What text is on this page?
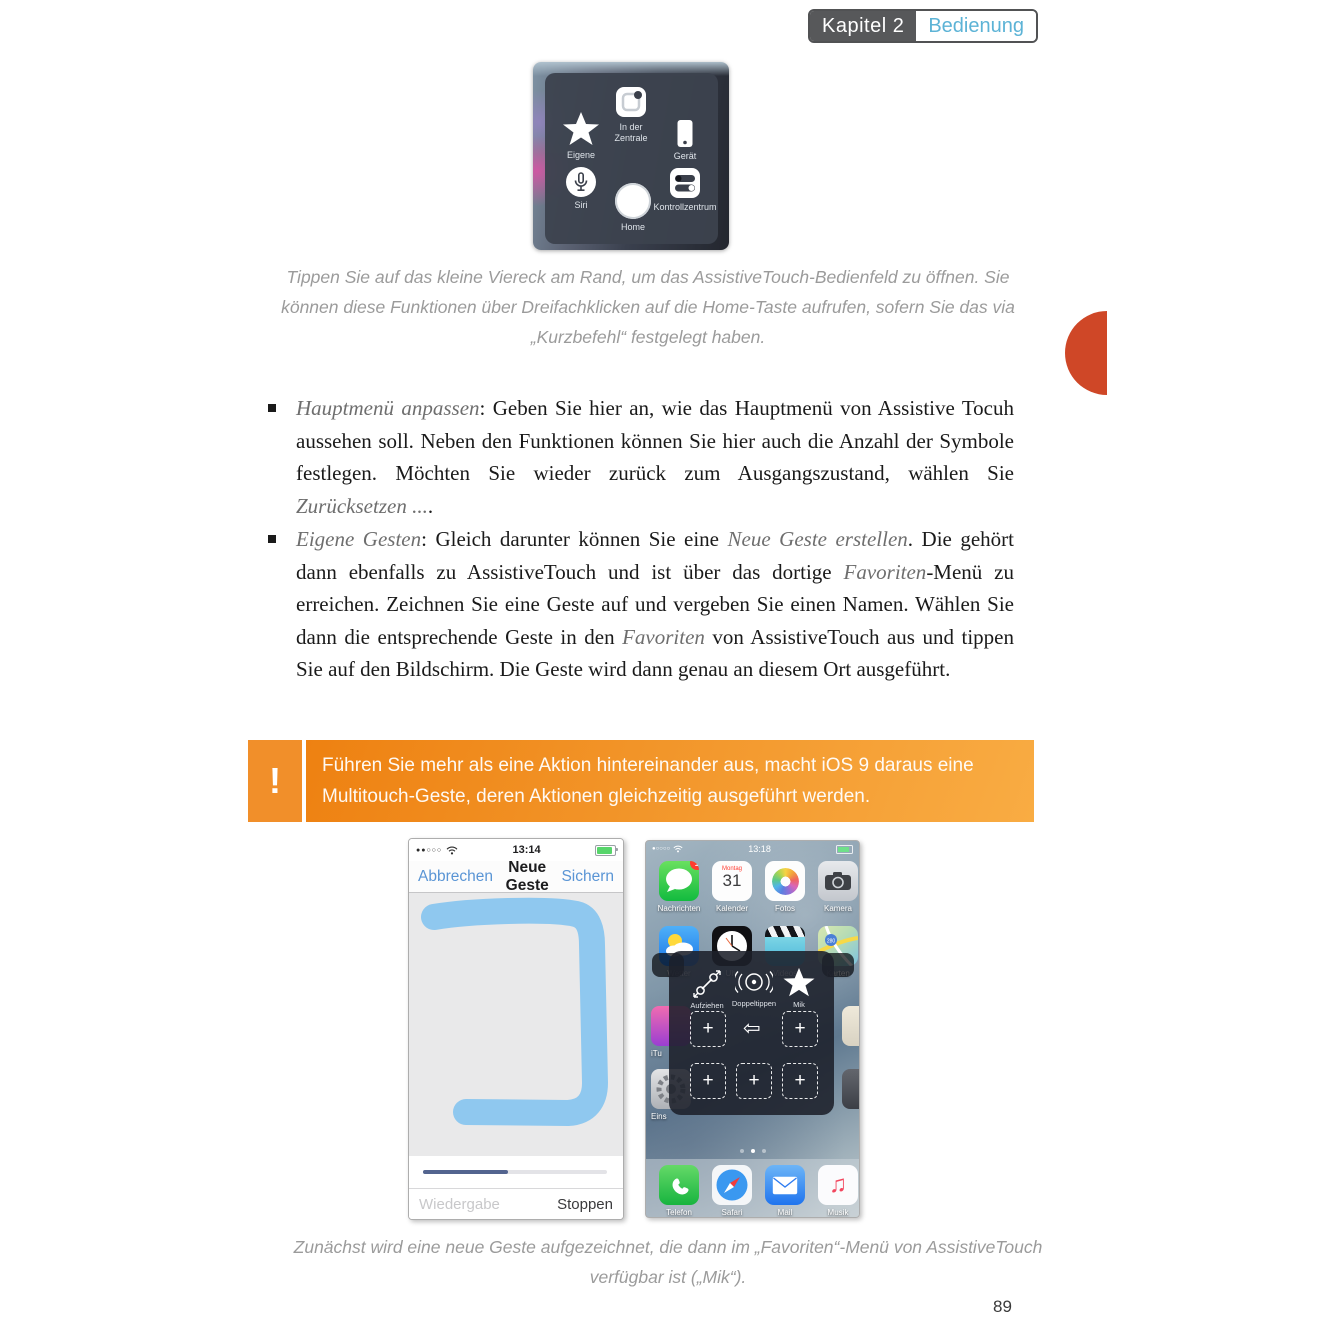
Kapitel 2	Bedienung
In der
Zentrale
Eigene	Gerät
Siri
Home
Kontrollzentrum
Tippen Sie auf das kleine Viereck am Rand, um das AssistiveTouch-Bedienfeld zu öffnen. Sie können diese Funktionen über Dreifachklicken auf die Home-Taste aufrufen, sofern Sie das via „Kurzbefehl“ festgelegt haben.
Hauptmenü anpassen: Geben Sie hier an, wie das Hauptmenü von Assistive Tocuh aussehen soll. Neben den Funktionen können Sie hier auch die Anzahl der Symbole festlegen. Möchten Sie wieder zurück zum Ausgangszustand, wählen Sie Zurücksetzen ....
Eigene Gesten: Gleich darunter können Sie eine Neue Geste erstellen. Die gehört dann ebenfalls zu AssistiveTouch und ist über das dortige Favoriten-Menü zu erreichen. Zeichnen Sie eine Geste auf und vergeben Sie einen Namen. Wählen Sie dann die entsprechende Geste in den Favoriten von AssistiveTouch aus und tippen Sie auf den Bildschirm. Die Geste wird dann genau an diesem Ort ausgeführt.
!	Führen Sie mehr als eine Aktion hintereinander aus, macht iOS 9 daraus eine Multitouch-Geste, deren Aktionen gleichzeitig ausgeführt werden.

●●○○○	13:14
Abbrechen
Neue Geste
Sichern
Wiedergabe	Stoppen
●○○○○	13:18
1
Nachrichten
Montag
31
Kalender	Fotos	Kamera
280
iTu
Eins
Aufziehen Doppeltippen Mik
+ ⇦ +
+ + +
Telefon	Safari	Mail
♫
Musik
Zunächst wird eine neue Geste aufgezeichnet, die dann im „Favoriten“-Menü von AssistiveTouch verfügbar ist („Mik“).
89
